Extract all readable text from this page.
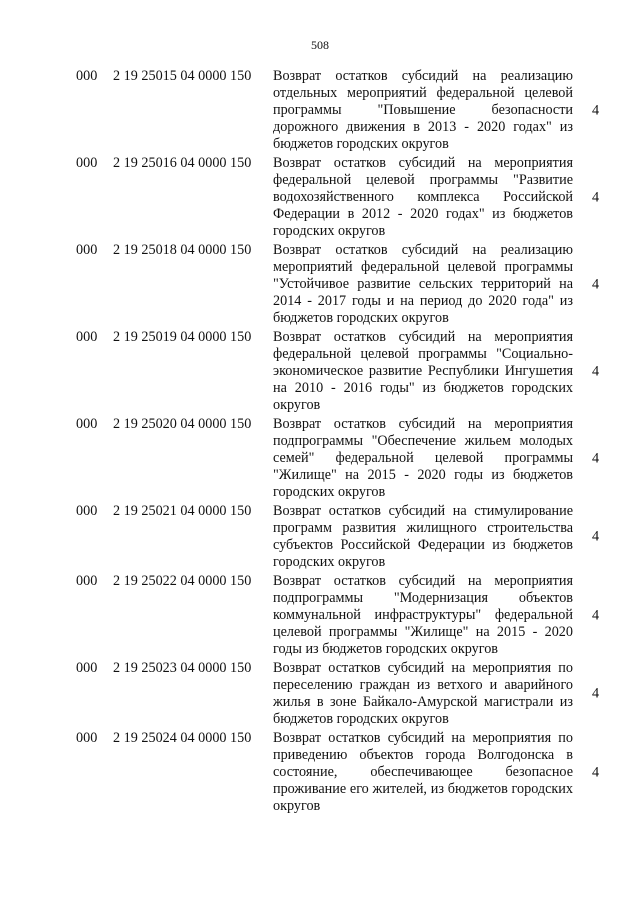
508
000 2 19 25015 04 0000 150 Возврат остатков субсидий на реализацию отдельных мероприятий федеральной целевой программы "Повышение безопасности дорожного движения в 2013 - 2020 годах" из бюджетов городских округов
4
000 2 19 25016 04 0000 150 Возврат остатков субсидий на мероприятия федеральной целевой программы "Развитие водохозяйственного комплекса Российской Федерации в 2012 - 2020 годах" из бюджетов городских округов
4
000 2 19 25018 04 0000 150 Возврат остатков субсидий на реализацию мероприятий федеральной целевой программы "Устойчивое развитие сельских территорий на 2014 - 2017 годы и на период до 2020 года" из бюджетов городских округов
4
000 2 19 25019 04 0000 150 Возврат остатков субсидий на мероприятия федеральной целевой программы "Социально-экономическое развитие Республики Ингушетия на 2010 - 2016 годы" из бюджетов городских округов
4
000 2 19 25020 04 0000 150 Возврат остатков субсидий на мероприятия подпрограммы "Обеспечение жильем молодых семей" федеральной целевой программы "Жилище" на 2015 - 2020 годы из бюджетов городских округов
4
000 2 19 25021 04 0000 150 Возврат остатков субсидий на стимулирование программ развития жилищного строительства субъектов Российской Федерации из бюджетов городских округов
4
000 2 19 25022 04 0000 150 Возврат остатков субсидий на мероприятия подпрограммы "Модернизация объектов коммунальной инфраструктуры" федеральной целевой программы "Жилище" на 2015 - 2020 годы из бюджетов городских округов
4
000 2 19 25023 04 0000 150 Возврат остатков субсидий на мероприятия по переселению граждан из ветхого и аварийного жилья в зоне Байкало-Амурской магистрали из бюджетов городских округов
4
000 2 19 25024 04 0000 150 Возврат остатков субсидий на мероприятия по приведению объектов города Волгодонска в состояние, обеспечивающее безопасное проживание его жителей, из бюджетов городских округов
4
